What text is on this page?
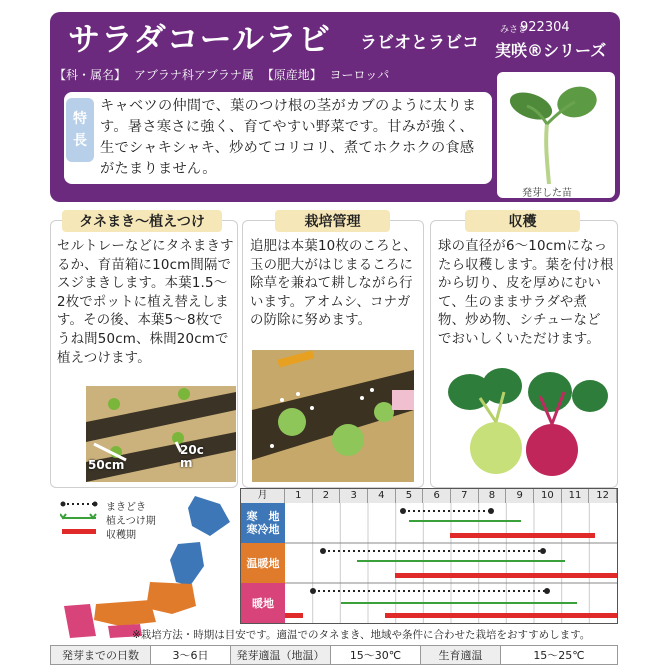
サラダコールラビ ラビオとラビコ
みさき
922304
実咲®シリーズ
【科・属名】 アブラナ科アブラナ属 【原産地】 ヨーロッパ
特
長
キャベツの仲間で、葉のつけ根の茎がカブのように太ります。暑さ寒さに強く、育てやすい野菜です。甘みが強く、生でシャキシャキ、炒めてコリコリ、煮てホクホクの食感がたまりません。
発芽した苗
タネまき〜植えつけ
セルトレーなどにタネまきするか、育苗箱に10cm間隔でスジまきします。本葉1.5〜2枚でポットに植え替えします。その後、本葉5〜8枚でうね間50cm、株間20cmで植えつけます。
50cm
20cm
栽培管理
追肥は本葉10枚のころと、玉の肥大がはじまるころに除草を兼ねて耕しながら行います。アオムシ、コナガの防除に努めます。
収穫
球の直径が6〜10cmになったら収穫します。葉を付け根から切り、皮を厚めにむいて、生のままサラダや煮物、炒め物、シチューなどでおいしくいただけます。
まきどき
植えつけ期
収穫期
月	1	2	3	4	5	6	7	8	9	10	11	12
寒　地
寒冷地
温暖地
暖地
※栽培方法・時期は目安です。適温でのタネまき、地域や条件に合わせた栽培をおすすめします。
発芽までの日数	3〜6日	発芽適温（地温）	15〜30℃	生育適温	15〜25℃
